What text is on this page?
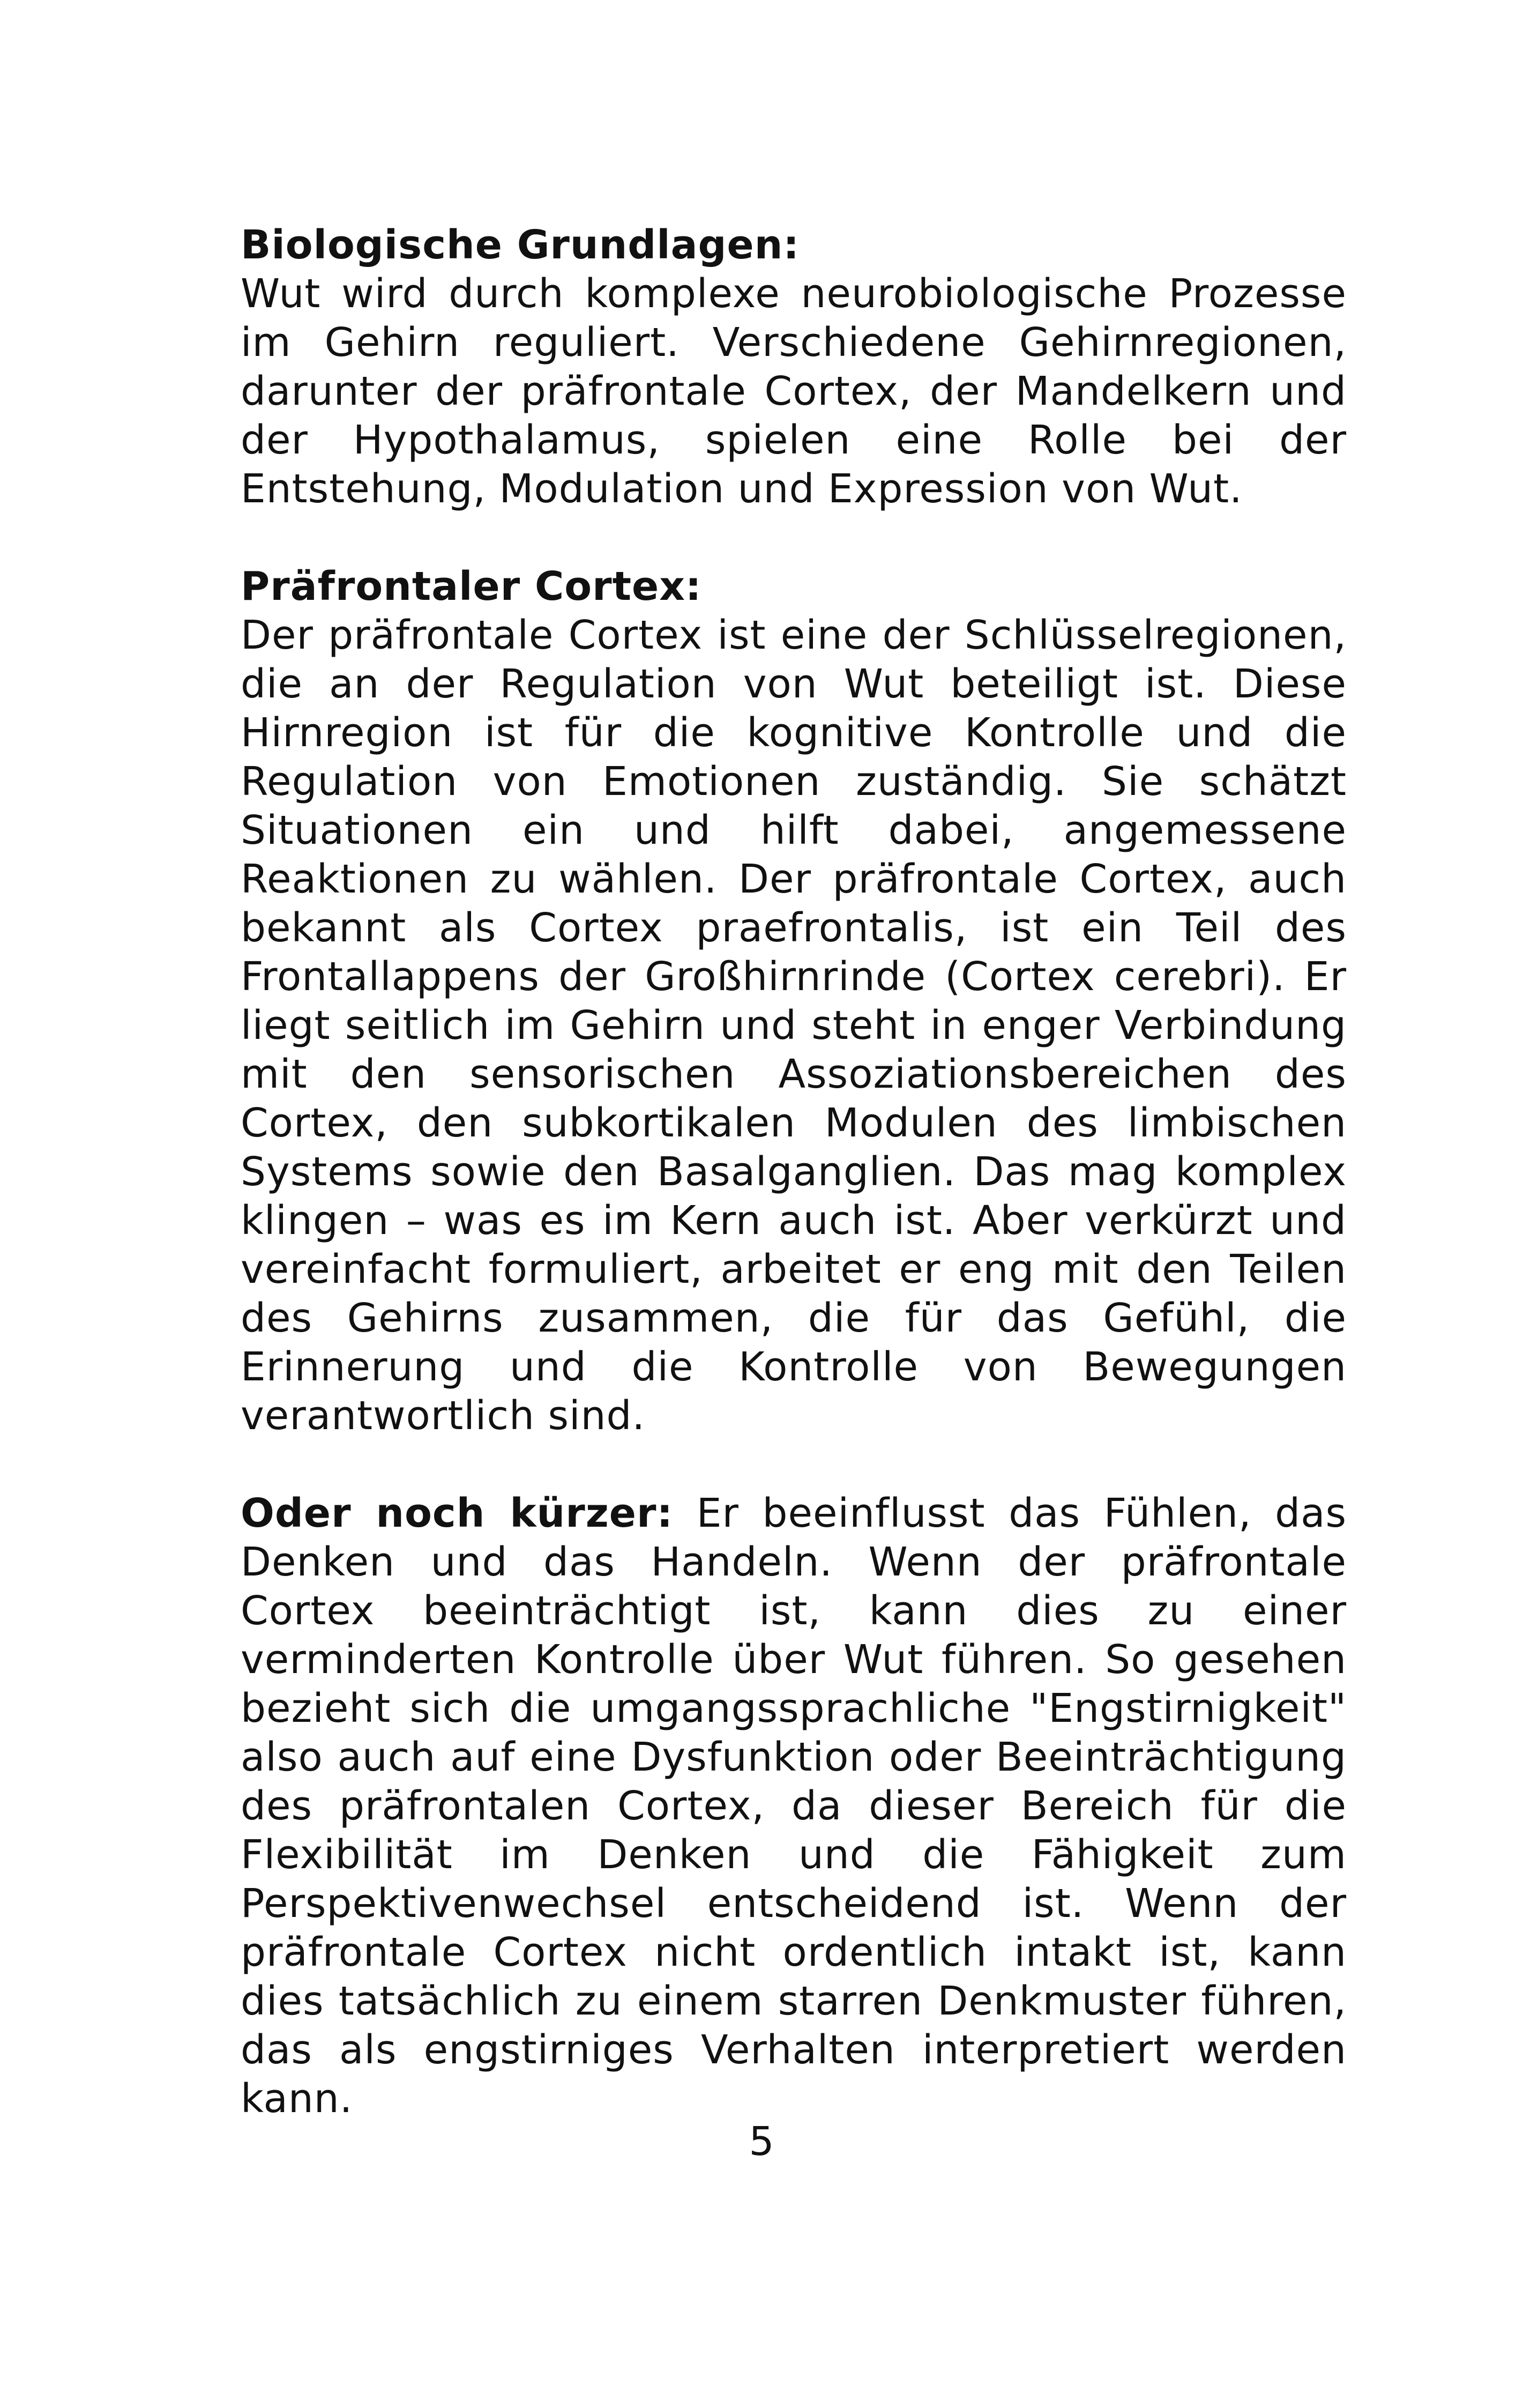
Biologische Grundlagen:

Wut wird durch komplexe neurobiologische Prozesse im Gehirn reguliert. Verschiedene Gehirnregionen, darunter der präfrontale Cortex, der Mandelkern und der Hypothalamus, spielen eine Rolle bei der Entstehung, Modulation und Expression von Wut.

Präfrontaler Cortex:

Der präfrontale Cortex ist eine der Schlüsselregionen, die an der Regulation von Wut beteiligt ist. Diese Hirnregion ist für die kognitive Kontrolle und die Regulation von Emotionen zuständig. Sie schätzt Situationen ein und hilft dabei, angemessene Reaktionen zu wählen. Der präfrontale Cortex, auch bekannt als Cortex praefrontalis, ist ein Teil des Frontallappens der Großhirnrinde (Cortex cerebri). Er liegt seitlich im Gehirn und steht in enger Verbindung mit den sensorischen Assoziationsbereichen des Cortex, den subkortikalen Modulen des limbischen Systems sowie den Basalganglien. Das mag komplex klingen – was es im Kern auch ist. Aber verkürzt und vereinfacht formuliert, arbeitet er eng mit den Teilen des Gehirns zusammen, die für das Gefühl, die Erinnerung und die Kontrolle von Bewegungen verantwortlich sind.

Oder noch kürzer: Er beeinflusst das Fühlen, das Denken und das Handeln. Wenn der präfrontale Cortex beeinträchtigt ist, kann dies zu einer verminderten Kontrolle über Wut führen. So gesehen bezieht sich die umgangssprachliche "Engstirnigkeit" also auch auf eine Dysfunktion oder Beeinträchtigung des präfrontalen Cortex, da dieser Bereich für die Flexibilität im Denken und die Fähigkeit zum Perspektivenwechsel entscheidend ist. Wenn der präfrontale Cortex nicht ordentlich intakt ist, kann dies tatsächlich zu einem starren Denkmuster führen, das als engstirniges Verhalten interpretiert werden kann.

5
